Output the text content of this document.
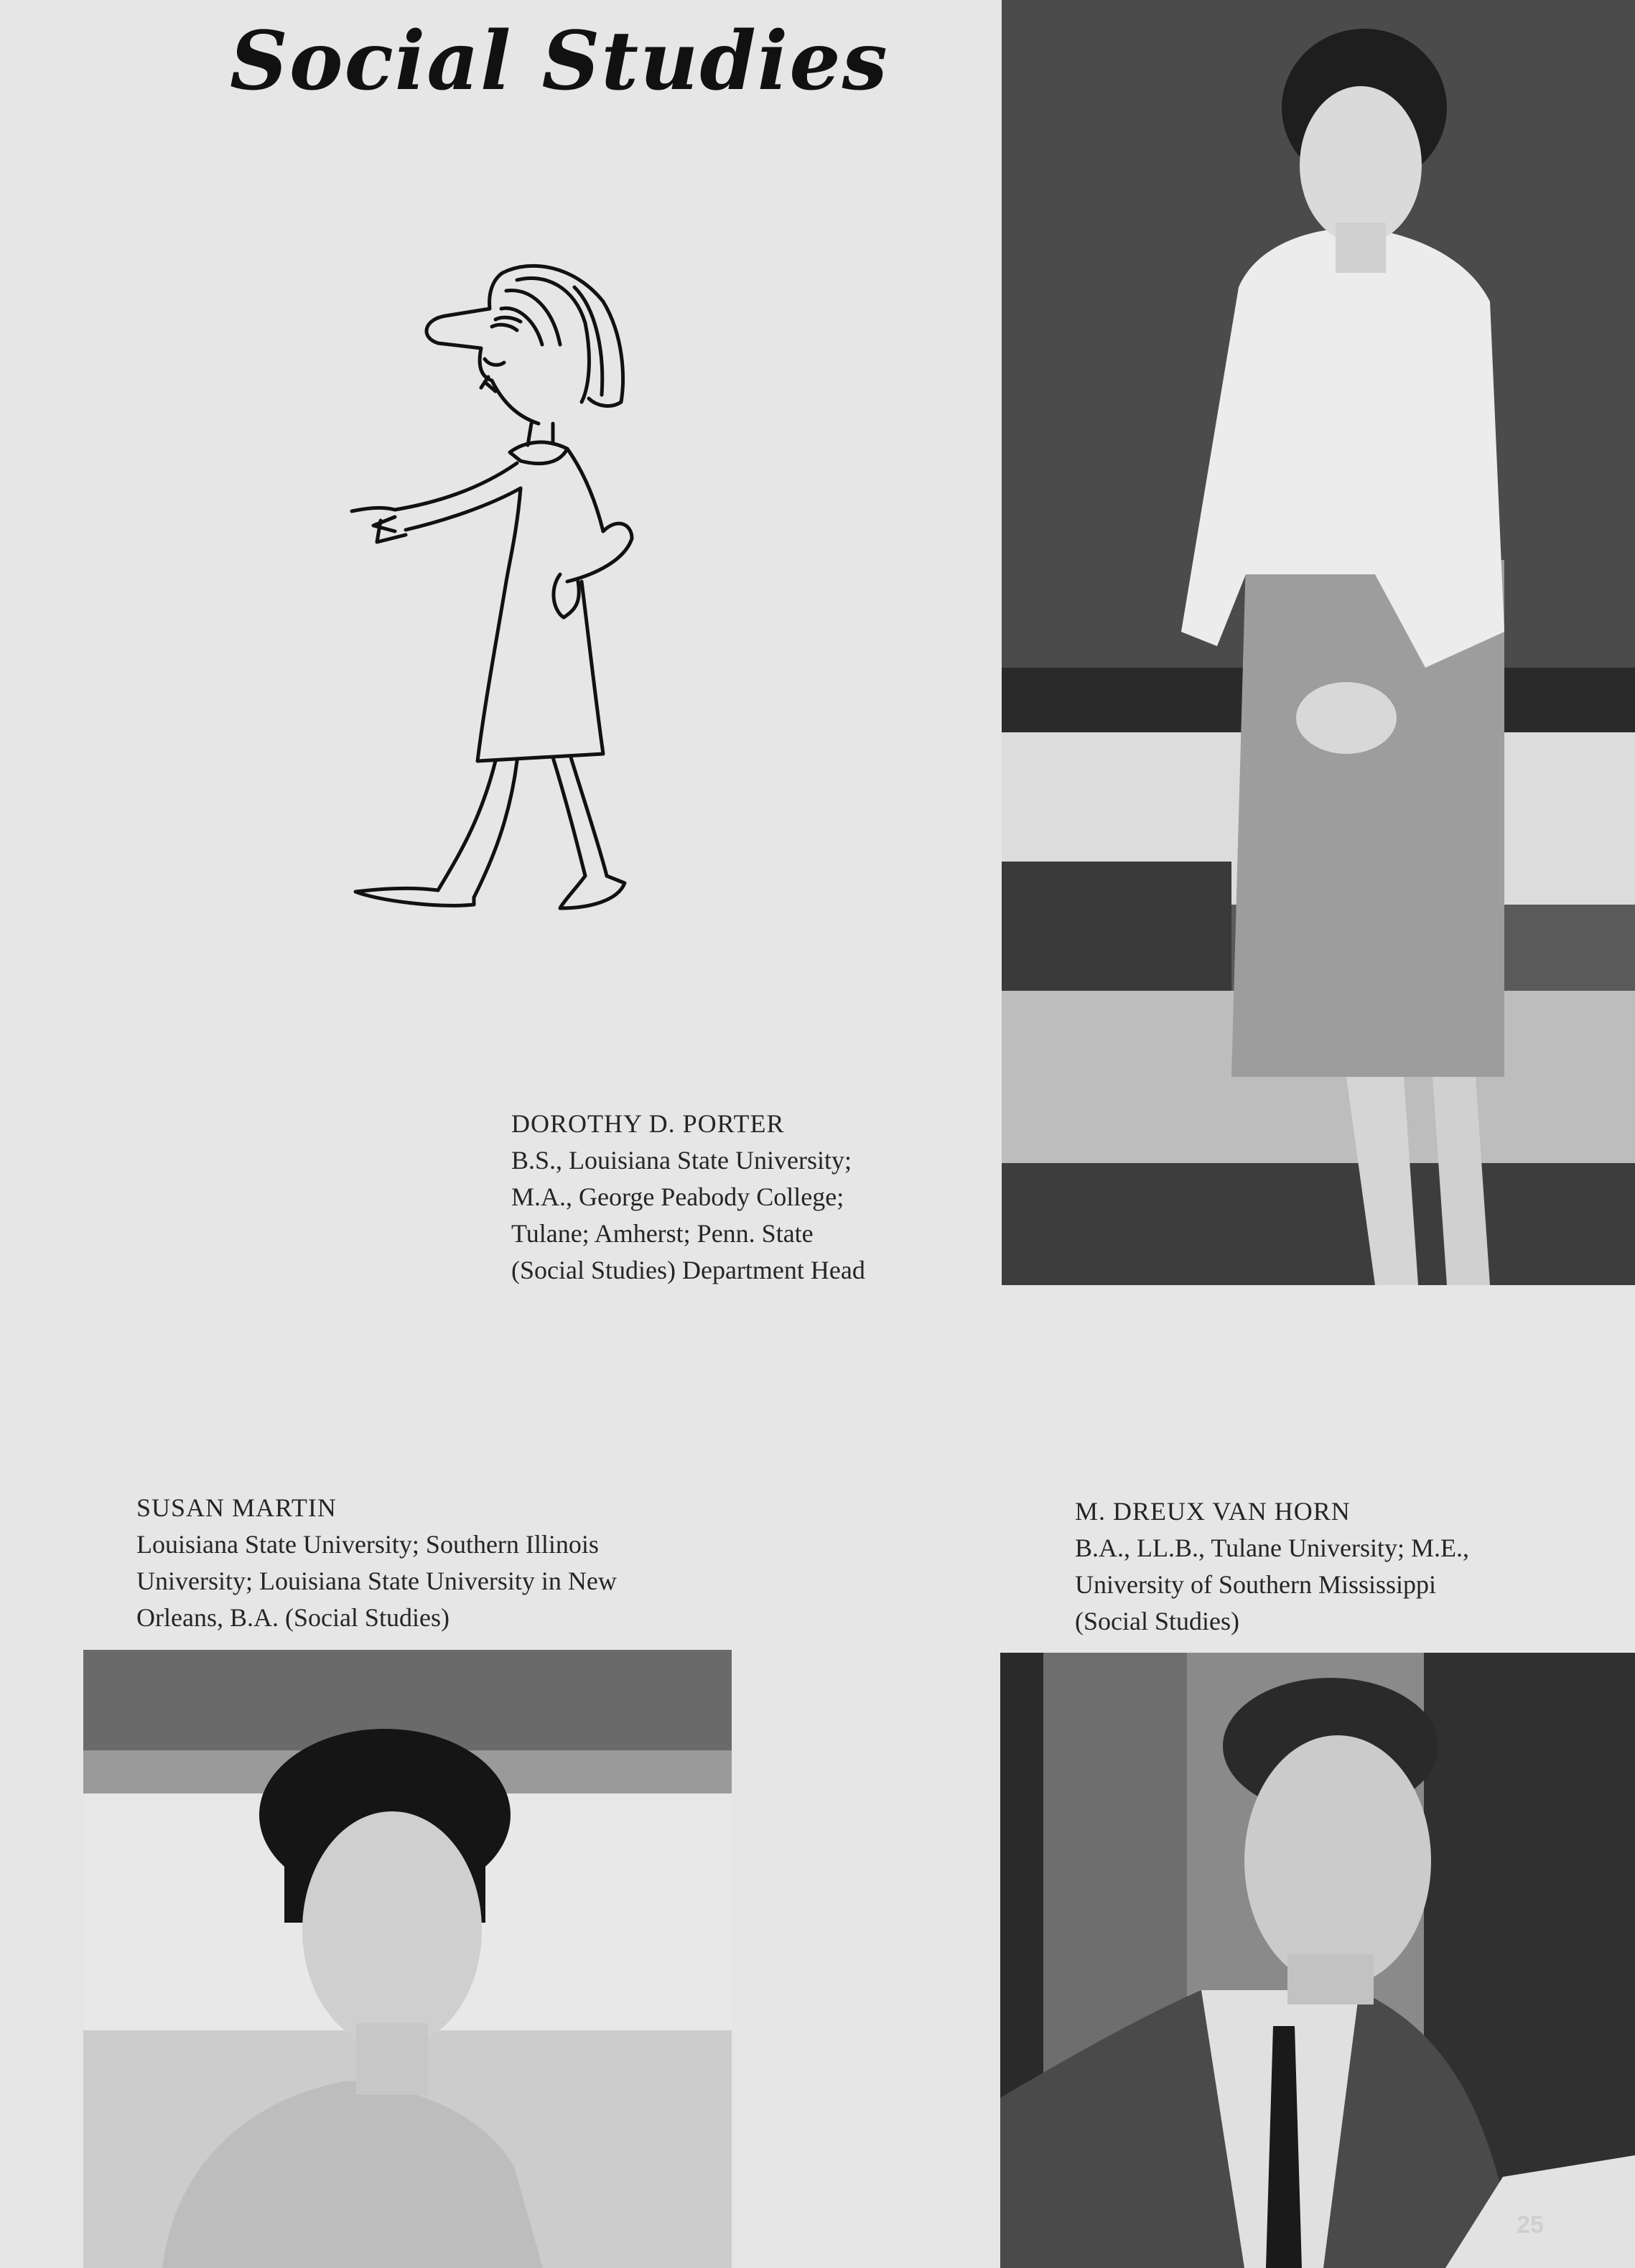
Social Studies
DOROTHY D. PORTER
B.S., Louisiana State University;
M.A., George Peabody College;
Tulane; Amherst; Penn. State
(Social Studies) Department Head
SUSAN MARTIN
Louisiana State University; Southern Illinois
University; Louisiana State University in New
Orleans, B.A. (Social Studies)
M. DREUX VAN HORN
B.A., LL.B., Tulane University; M.E.,
University of Southern Mississippi
(Social Studies)
25
